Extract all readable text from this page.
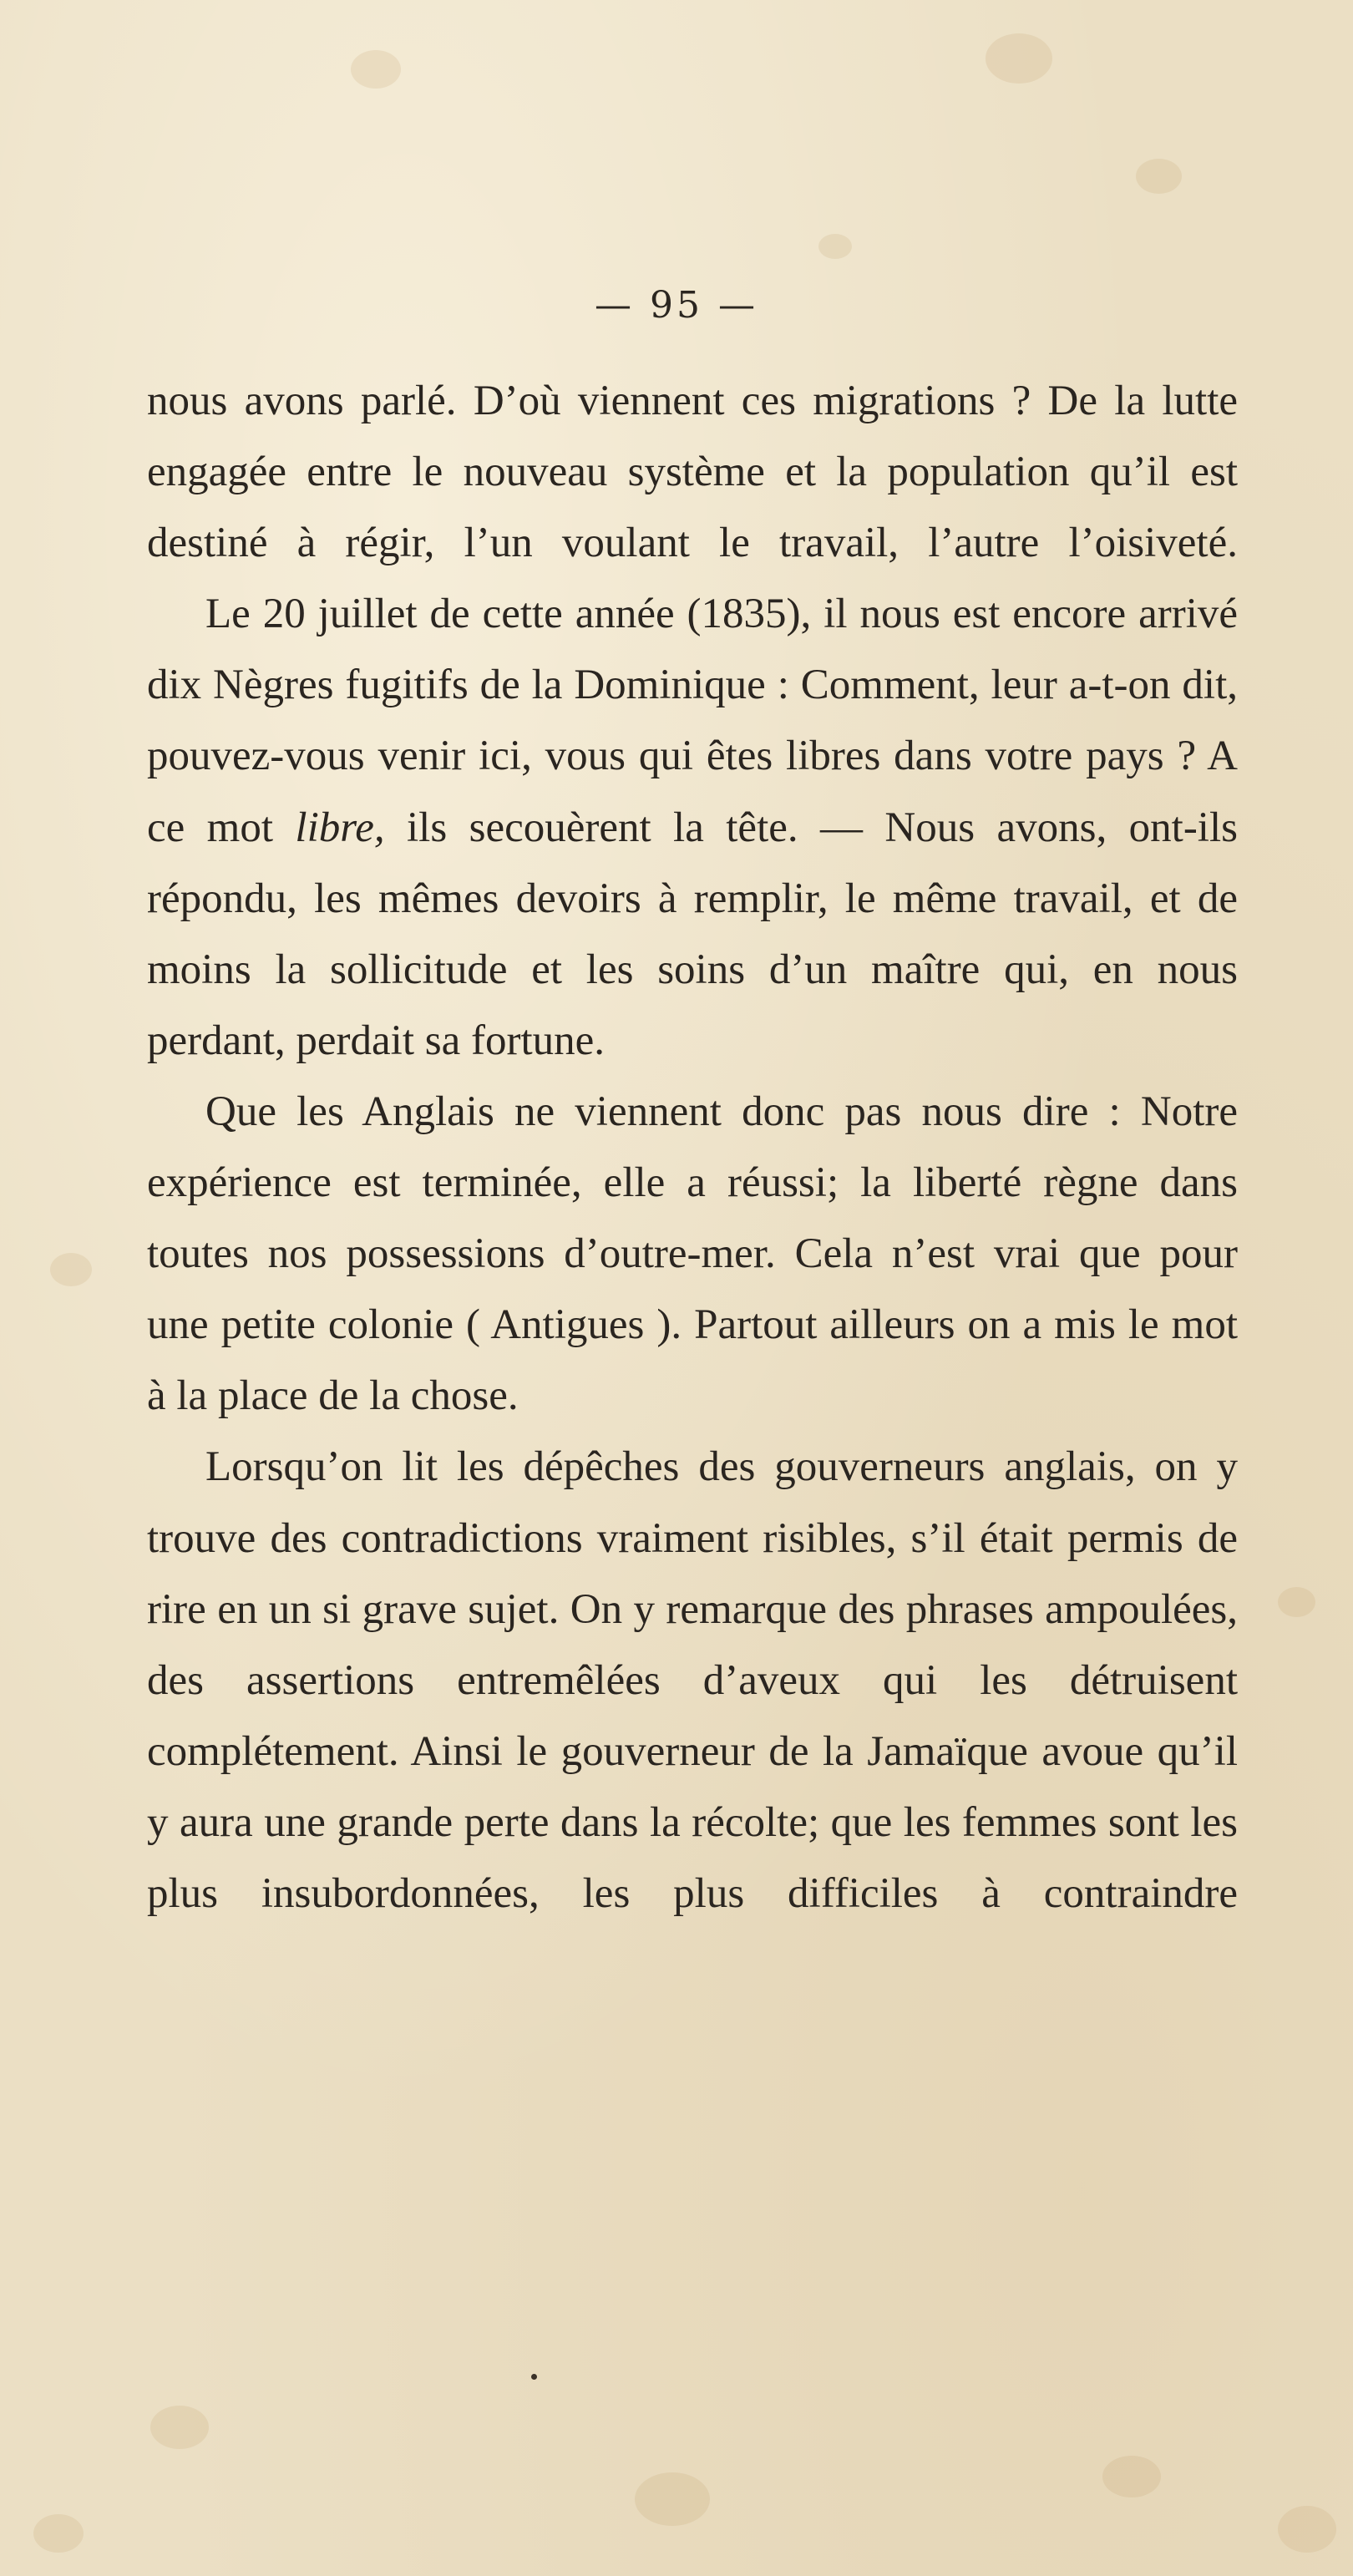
— 95 —

nous avons parlé. D’où viennent ces migrations ? De la lutte engagée entre le nouveau système et la population qu’il est destiné à régir, l’un voulant le travail, l’autre l’oisiveté.

Le 20 juillet de cette année (1835), il nous est encore arrivé dix Nègres fugitifs de la Dominique : Comment, leur a-t-on dit, pouvez-vous venir ici, vous qui êtes libres dans votre pays ? A ce mot libre, ils secouèrent la tête. — Nous avons, ont-ils répondu, les mêmes devoirs à remplir, le même travail, et de moins la sollicitude et les soins d’un maître qui, en nous perdant, perdait sa fortune.

Que les Anglais ne viennent donc pas nous dire : Notre expérience est terminée, elle a réussi; la liberté règne dans toutes nos possessions d’outre-mer. Cela n’est vrai que pour une petite colonie ( Antigues ). Partout ailleurs on a mis le mot à la place de la chose.

Lorsqu’on lit les dépêches des gouverneurs anglais, on y trouve des contradictions vraiment risibles, s’il était permis de rire en un si grave sujet. On y remarque des phrases ampoulées, des assertions entremêlées d’aveux qui les détruisent complétement. Ainsi le gouverneur de la Jamaïque avoue qu’il y aura une grande perte dans la récolte; que les femmes sont les plus insubordonnées, les plus difficiles à contraindre
